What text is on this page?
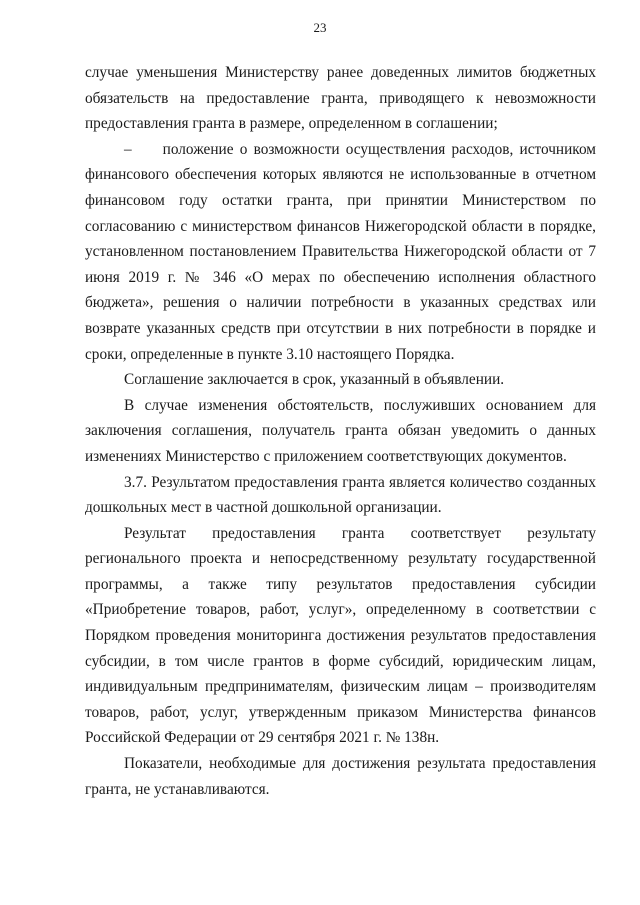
23

случае уменьшения Министерству ранее доведенных лимитов бюджетных обязательств на предоставление гранта, приводящего к невозможности предоставления гранта в размере, определенном в соглашении;

– положение о возможности осуществления расходов, источником финансового обеспечения которых являются не использованные в отчетном финансовом году остатки гранта, при принятии Министерством по согласованию с министерством финансов Нижегородской области в порядке, установленном постановлением Правительства Нижегородской области от 7 июня 2019 г. № 346 «О мерах по обеспечению исполнения областного бюджета», решения о наличии потребности в указанных средствах или возврате указанных средств при отсутствии в них потребности в порядке и сроки, определенные в пункте 3.10 настоящего Порядка.

Соглашение заключается в срок, указанный в объявлении.

В случае изменения обстоятельств, послуживших основанием для заключения соглашения, получатель гранта обязан уведомить о данных изменениях Министерство с приложением соответствующих документов.

3.7. Результатом предоставления гранта является количество созданных дошкольных мест в частной дошкольной организации.

Результат предоставления гранта соответствует результату регионального проекта и непосредственному результату государственной программы, а также типу результатов предоставления субсидии «Приобретение товаров, работ, услуг», определенному в соответствии с Порядком проведения мониторинга достижения результатов предоставления субсидии, в том числе грантов в форме субсидий, юридическим лицам, индивидуальным предпринимателям, физическим лицам – производителям товаров, работ, услуг, утвержденным приказом Министерства финансов Российской Федерации от 29 сентября 2021 г. № 138н.

Показатели, необходимые для достижения результата предоставления гранта, не устанавливаются.
